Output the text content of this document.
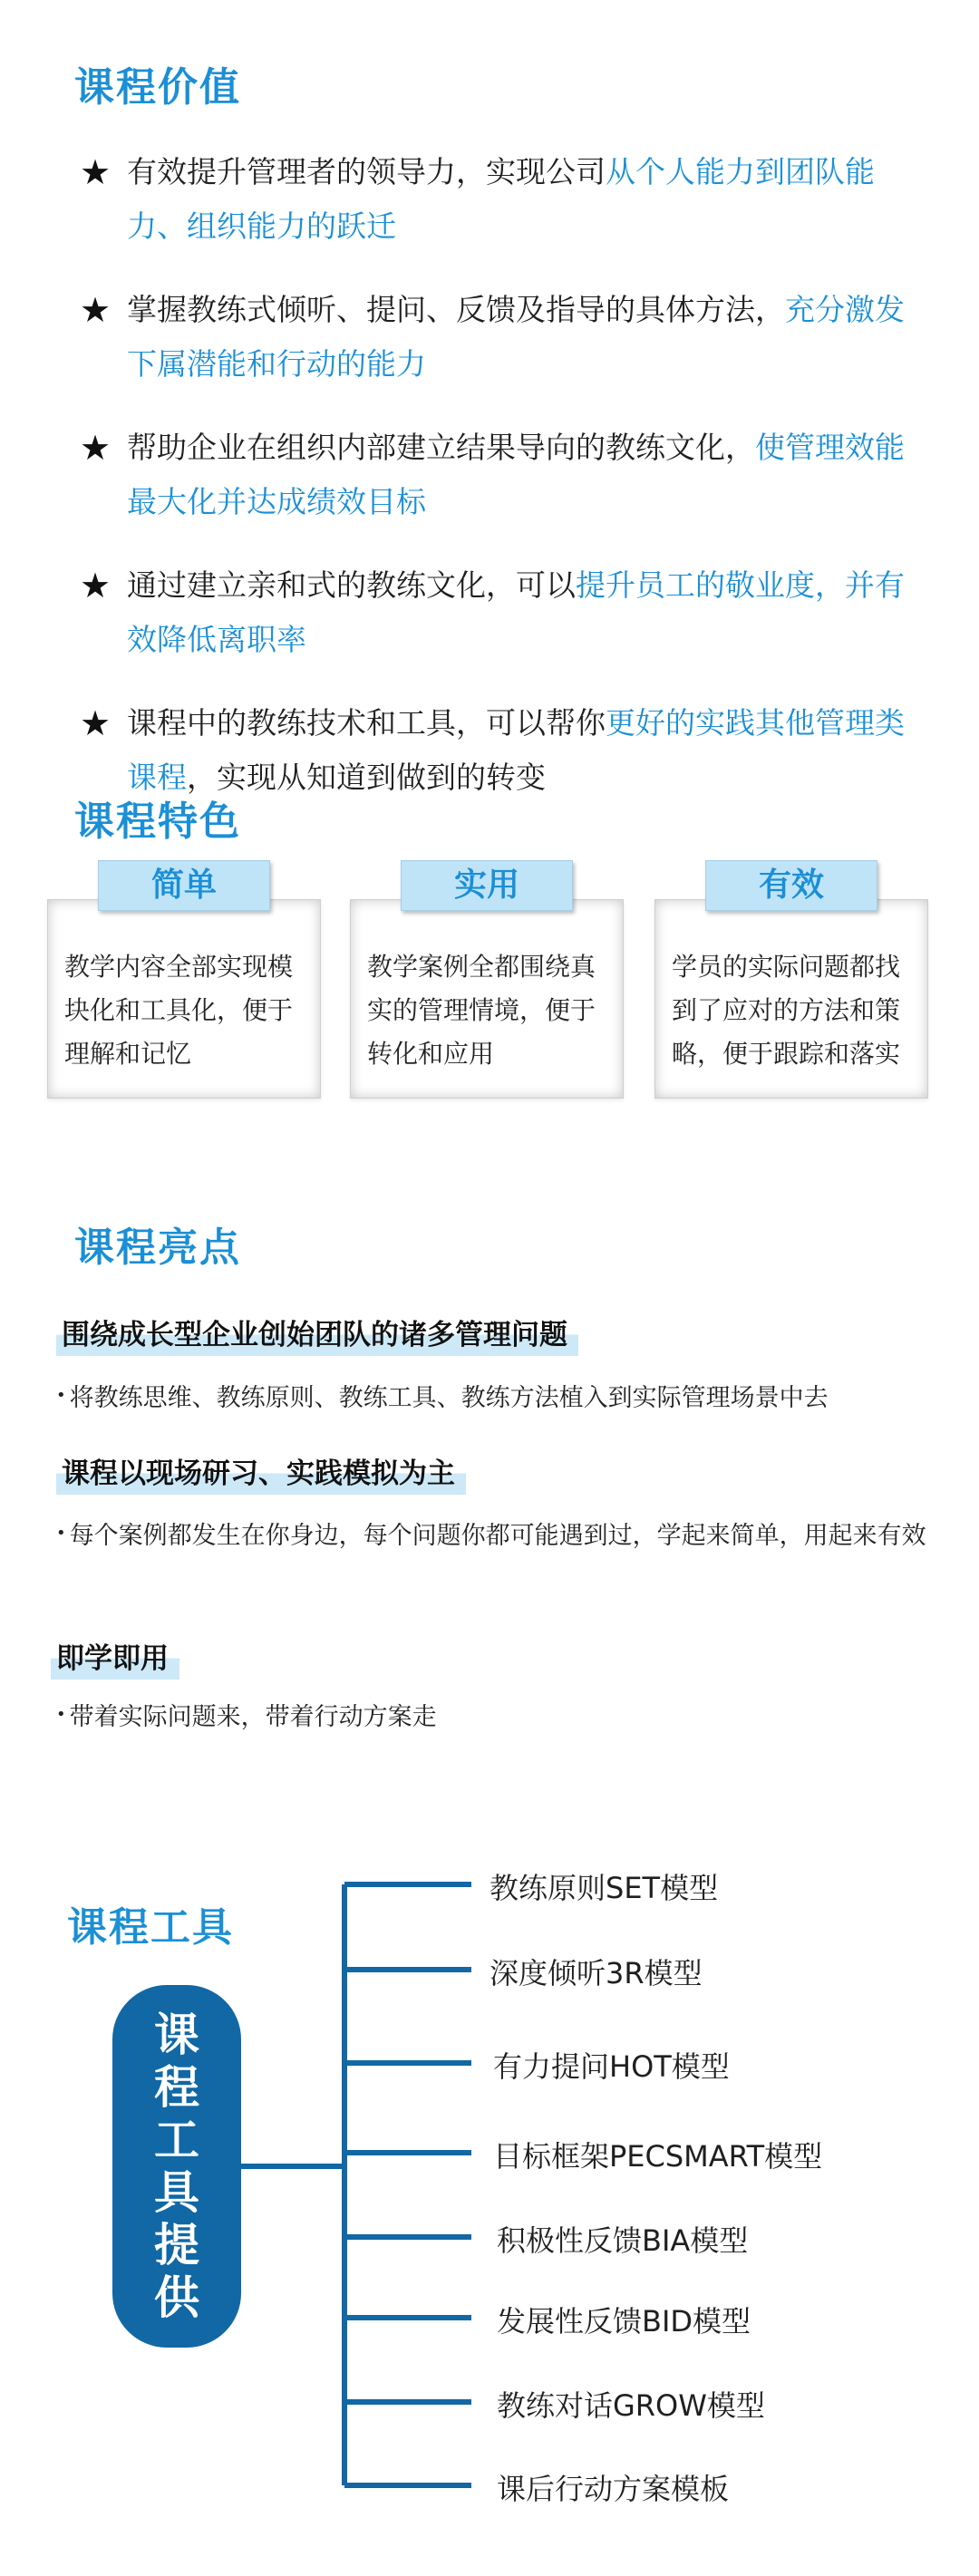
课程价值
★ 有效提升管理者的领导力，实现公司从个人能力到团队能力、组织能力的跃迁
★ 掌握教练式倾听、提问、反馈及指导的具体方法，充分激发下属潜能和行动的能力
★ 帮助企业在组织内部建立结果导向的教练文化，使管理效能最大化并达成绩效目标
★ 通过建立亲和式的教练文化，可以提升员工的敬业度，并有效降低离职率
★ 课程中的教练技术和工具，可以帮你更好的实践其他管理类课程，实现从知道到做到的转变
课程特色
简单
教学内容全部实现模块化和工具化，便于理解和记忆
实用
教学案例全都围绕真实的管理情境，便于转化和应用
有效
学员的实际问题都找到了应对的方法和策略，便于跟踪和落实
课程亮点
围绕成长型企业创始团队的诸多管理问题
• 将教练思维、教练原则、教练工具、教练方法植入到实际管理场景中去
课程以现场研习、实践模拟为主
• 每个案例都发生在你身边，每个问题你都可能遇到过，学起来简单，用起来有效
即学即用
• 带着实际问题来，带着行动方案走
课程工具
课
程
工
具
提
供
教练原则SET模型
深度倾听3R模型
有力提问HOT模型
目标框架PECSMART模型
积极性反馈BIA模型
发展性反馈BID模型
教练对话GROW模型
课后行动方案模板
